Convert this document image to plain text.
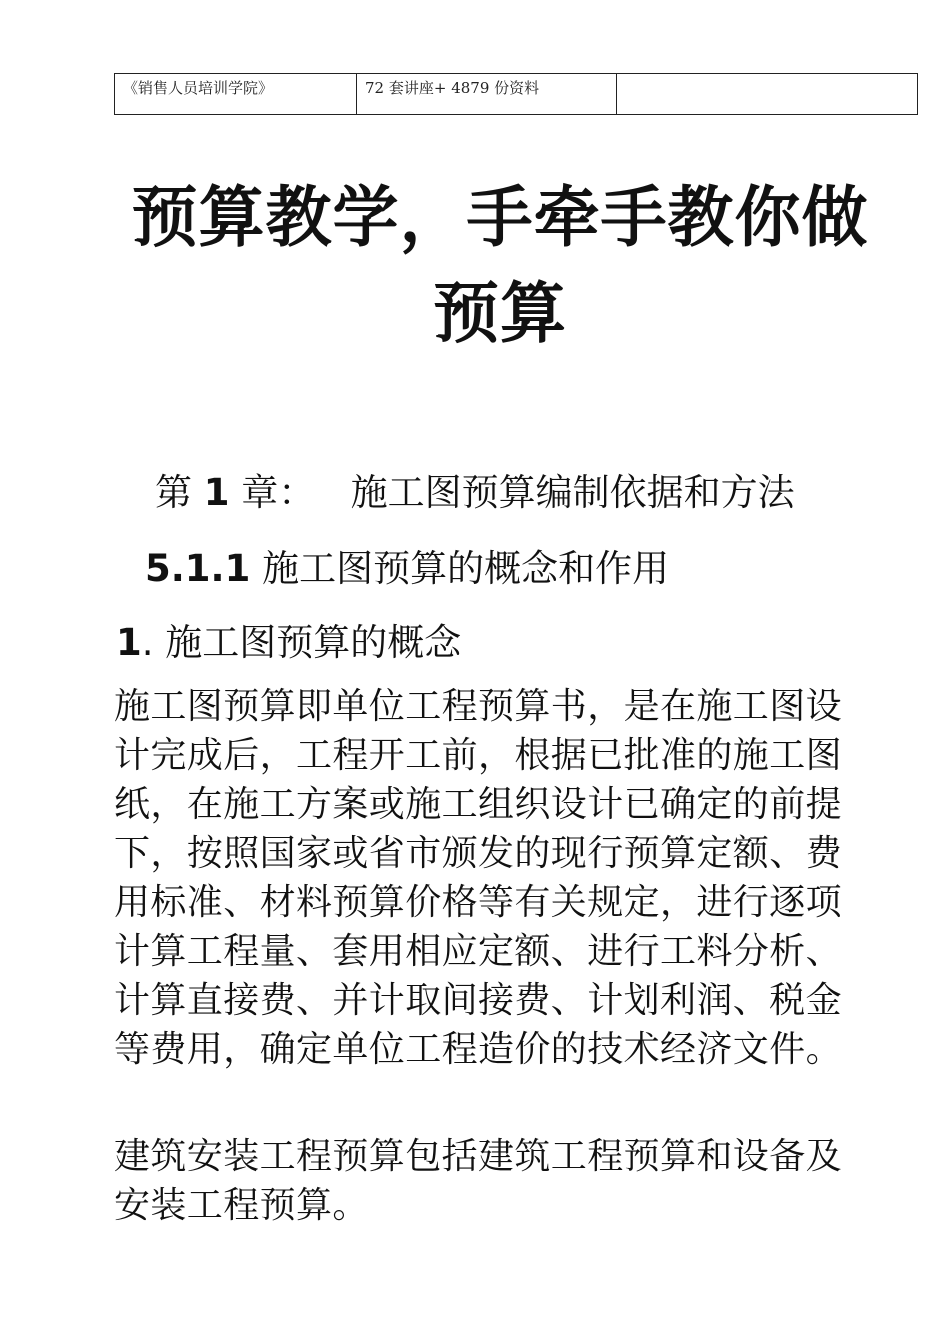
《销售人员培训学院》	72 套讲座+ 4879 份资料	
预算教学，手牵手教你做预算
第 1 章： 施工图预算编制依据和方法
5.1.1 施工图预算的概念和作用
1. 施工图预算的概念

施工图预算即单位工程预算书，是在施工图设计完成后，工程开工前，根据已批准的施工图纸，在施工方案或施工组织设计已确定的前提下，按照国家或省市颁发的现行预算定额、费用标准、材料预算价格等有关规定，进行逐项计算工程量、套用相应定额、进行工料分析、计算直接费、并计取间接费、计划利润、税金等费用，确定单位工程造价的技术经济文件。

建筑安装工程预算包括建筑工程预算和设备及安装工程预算。
